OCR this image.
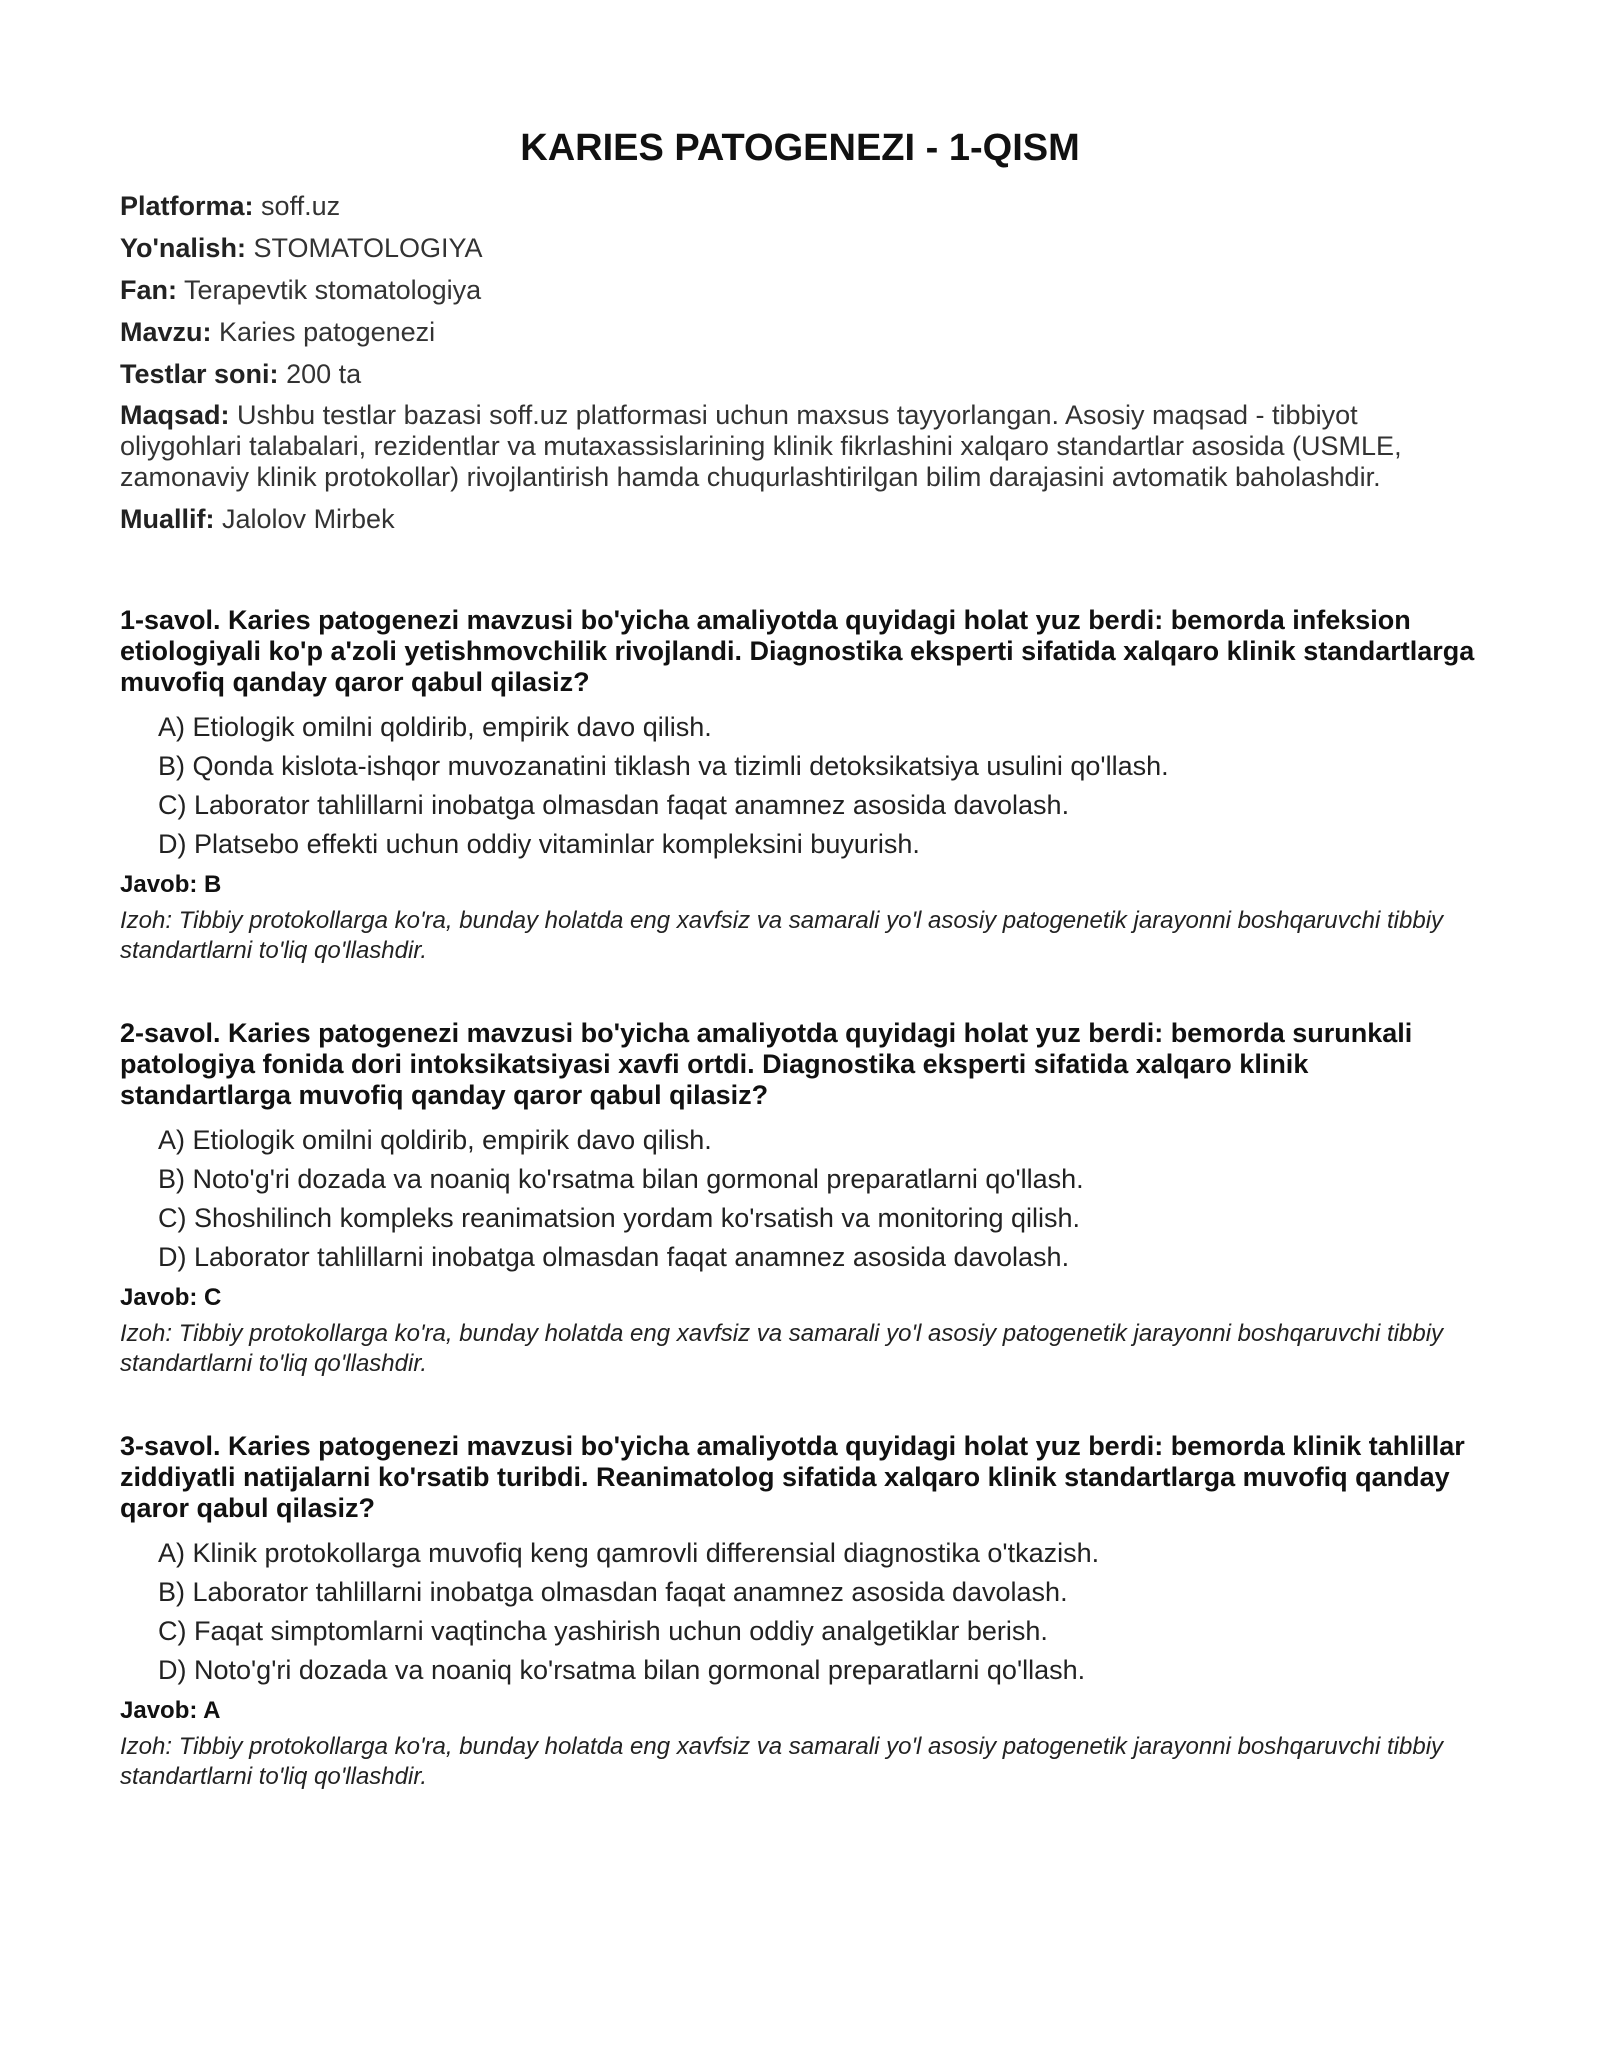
KARIES PATOGENEZI - 1-QISM
Platforma: soff.uz
Yo'nalish: STOMATOLOGIYA
Fan: Terapevtik stomatologiya
Mavzu: Karies patogenezi
Testlar soni: 200 ta
Maqsad: Ushbu testlar bazasi soff.uz platformasi uchun maxsus tayyorlangan. Asosiy maqsad - tibbiyot oliygohlari talabalari, rezidentlar va mutaxassislarining klinik fikrlashini xalqaro standartlar asosida (USMLE, zamonaviy klinik protokollar) rivojlantirish hamda chuqurlashtirilgan bilim darajasini avtomatik baholashdir.
Muallif: Jalolov Mirbek

1-savol. Karies patogenezi mavzusi bo'yicha amaliyotda quyidagi holat yuz berdi: bemorda infeksion etiologiyali ko'p a'zoli yetishmovchilik rivojlandi. Diagnostika eksperti sifatida xalqaro klinik standartlarga muvofiq qanday qaror qabul qilasiz?

A) Etiologik omilni qoldirib, empirik davo qilish.
B) Qonda kislota-ishqor muvozanatini tiklash va tizimli detoksikatsiya usulini qo'llash.
C) Laborator tahlillarni inobatga olmasdan faqat anamnez asosida davolash.
D) Platsebo effekti uchun oddiy vitaminlar kompleksini buyurish.
Javob: B
Izoh: Tibbiy protokollarga ko'ra, bunday holatda eng xavfsiz va samarali yo'l asosiy patogenetik jarayonni boshqaruvchi tibbiy standartlarni to'liq qo'llashdir.

2-savol. Karies patogenezi mavzusi bo'yicha amaliyotda quyidagi holat yuz berdi: bemorda surunkali patologiya fonida dori intoksikatsiyasi xavfi ortdi. Diagnostika eksperti sifatida xalqaro klinik standartlarga muvofiq qanday qaror qabul qilasiz?

A) Etiologik omilni qoldirib, empirik davo qilish.
B) Noto'g'ri dozada va noaniq ko'rsatma bilan gormonal preparatlarni qo'llash.
C) Shoshilinch kompleks reanimatsion yordam ko'rsatish va monitoring qilish.
D) Laborator tahlillarni inobatga olmasdan faqat anamnez asosida davolash.
Javob: C
Izoh: Tibbiy protokollarga ko'ra, bunday holatda eng xavfsiz va samarali yo'l asosiy patogenetik jarayonni boshqaruvchi tibbiy standartlarni to'liq qo'llashdir.

3-savol. Karies patogenezi mavzusi bo'yicha amaliyotda quyidagi holat yuz berdi: bemorda klinik tahlillar ziddiyatli natijalarni ko'rsatib turibdi. Reanimatolog sifatida xalqaro klinik standartlarga muvofiq qanday qaror qabul qilasiz?

A) Klinik protokollarga muvofiq keng qamrovli differensial diagnostika o'tkazish.
B) Laborator tahlillarni inobatga olmasdan faqat anamnez asosida davolash.
C) Faqat simptomlarni vaqtincha yashirish uchun oddiy analgetiklar berish.
D) Noto'g'ri dozada va noaniq ko'rsatma bilan gormonal preparatlarni qo'llash.
Javob: A
Izoh: Tibbiy protokollarga ko'ra, bunday holatda eng xavfsiz va samarali yo'l asosiy patogenetik jarayonni boshqaruvchi tibbiy standartlarni to'liq qo'llashdir.
